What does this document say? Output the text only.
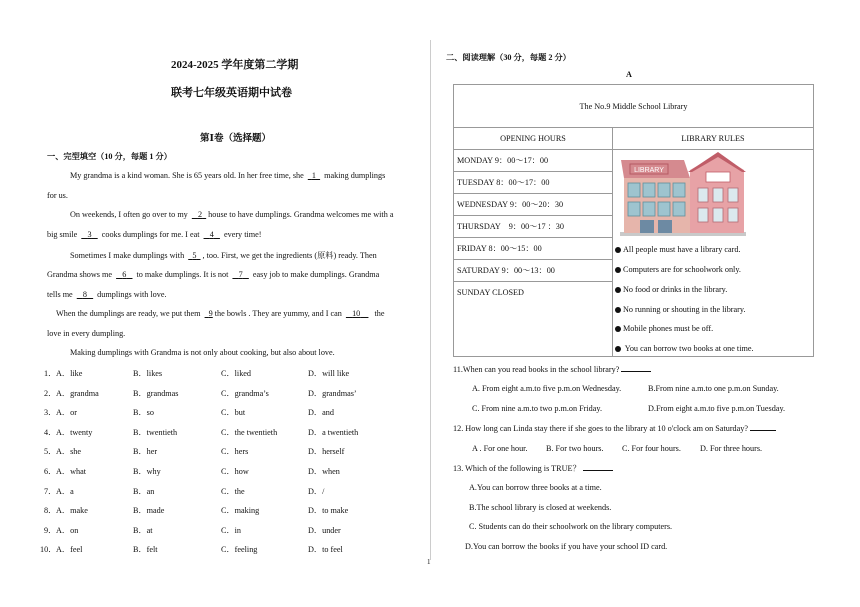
2024-2025 学年度第二学期
联考七年级英语期中试卷
第Ⅰ卷（选择题）
一、完型填空（10 分，每题 1 分）
My grandma is a kind woman. She is 65 years old. In her free time, she 1 making dumplings
for us.
On weekends, I often go over to my 2 house to have dumplings. Grandma welcomes me with a
big smile 3 cooks dumplings for me. I eat 4 every time!
Sometimes I make dumplings with 5 , too. First, we get the ingredients (原料) ready. Then
Grandma shows me 6 to make dumplings. It is not 7 easy job to make dumplings. Grandma
tells me 8 dumplings with love.
When the dumplings are ready, we put them 9 the bowls . They are yummy, and I can 10 the
love in every dumpling.
Making dumplings with Grandma is not only about cooking, but also about love.
1． A．like	B．likes	C．liked	D．will like
2． A．grandma	B．grandmas	C．grandma’s	D．grandmas’
3． A．or	B．so	C．but	D．and
4． A．twenty	B．twentieth	C．the twentieth	D．a twentieth
5． A．she	B．her	C．hers	D．herself
6． A．what	B．why	C．how	D．when
7． A．a	B．an	C．the	D．/
8． A．make	B．made	C．making	D．to make
9． A．on	B．at	C．in	D．under
10． A．feel	B．felt	C．feeling	D．to feel
1
二、阅读理解（30 分，每题 2 分）
A
The No.9 Middle School Library	
OPENING HOURS	LIBRARY RULES
MONDAY 9：00～17：00	
TUESDAY 8：00～17：00	
WEDNESDAY 9：00～20：30	
THURSDAY　9：00～17 ：30	
FRIDAY 8：00～15：00	
SATURDAY 9：00～13：00	
SUNDAY CLOSED	
LIBRARY
All people must have a library card.
Computers are for schoolwork only.
No food or drinks in the library.
No running or shouting in the library.
Mobile phones must be off.
You can borrow two books at one time.
11.When can you read books in the school library?
A. From eight a.m.to five p.m.on Wednesday.	B.From nine a.m.to one p.m.on Sunday.
C. From nine a.m.to two p.m.on Friday.	D.From eight a.m.to five p.m.on Tuesday.
12. How long can Linda stay there if she goes to the library at 10 o'clock am on Saturday?
A . For one hour. B. For two hours. C. For four hours. D. For three hours.
13. Which of the following is TRUE？
A.You can borrow three books at a time.
B.The school library is closed at weekends.
C. Students can do their schoolwork on the library computers.
D.You can borrow the books if you have your school ID card.
